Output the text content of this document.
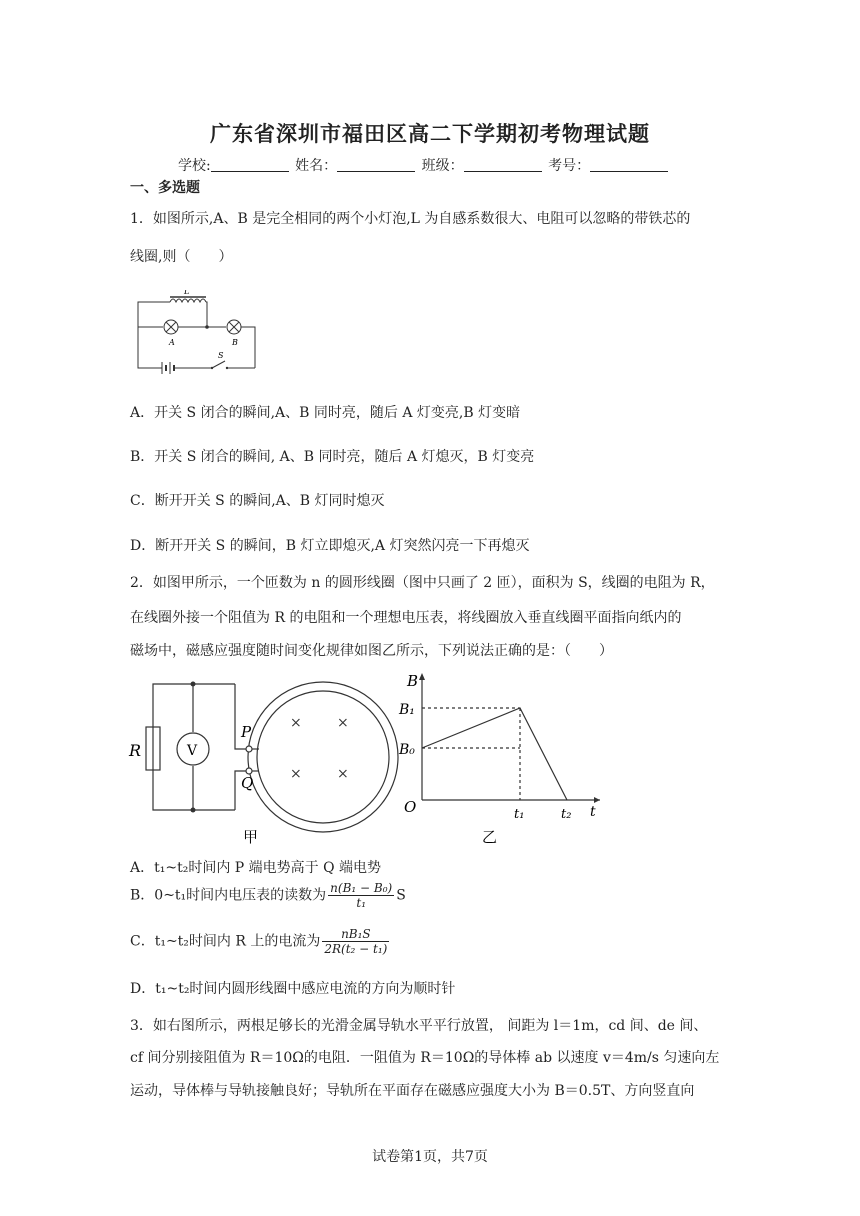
广东省深圳市福田区高二下学期初考物理试题
学校:	姓名：	班级：	考号：
一、多选题
1．如图所示,A、B 是完全相同的两个小灯泡,L 为自感系数很大、电阻可以忽略的带铁芯的
线圈,则（　　）
L
A	B
S
A．开关 S 闭合的瞬间,A、B 同时亮，随后 A 灯变亮,B 灯变暗
B．开关 S 闭合的瞬间, A、B 同时亮，随后 A 灯熄灭，B 灯变亮
C．断开开关 S 的瞬间,A、B 灯同时熄灭
D．断开开关 S 的瞬间，B 灯立即熄灭,A 灯突然闪亮一下再熄灭
2．如图甲所示，一个匝数为 n 的圆形线圈（图中只画了 2 匝），面积为 S，线圈的电阻为 R，
在线圈外接一个阻值为 R 的电阻和一个理想电压表，将线圈放入垂直线圈平面指向纸内的
磁场中，磁感应强度随时间变化规律如图乙所示，下列说法正确的是：（　　）
×	×
×	×
R	V
P
Q
甲
B
B₁
B₀
O	t₁	t₂ t
乙
A．t₁~t₂时间内 P 端电势高于 Q 端电势
B．0~t₁时间内电压表的读数为 $\frac{\text{n(B₁ − B₀)}}{\text{t₁}}$ S
C．t₁~t₂时间内 R 上的电流为 $\frac{\text{nB₁S}}{\text{2R(t₂ − t₁)}}$
D．t₁~t₂时间内圆形线圈中感应电流的方向为顺时针
3．如右图所示，两根足够长的光滑金属导轨水平平行放置， 间距为 l＝1m，cd 间、de 间、
cf 间分别接阻值为 R＝10Ω的电阻．一阻值为 R＝10Ω的导体棒 ab 以速度 v＝4m/s 匀速向左
运动，导体棒与导轨接触良好；导轨所在平面存在磁感应强度大小为 B＝0.5T、方向竖直向
试卷第1页，共7页
